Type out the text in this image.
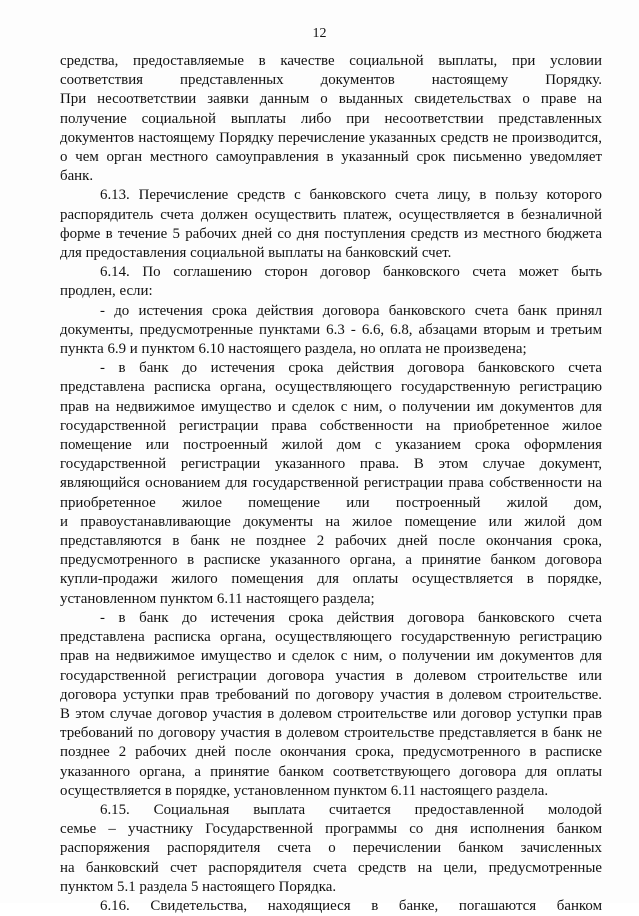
12
средства, предоставляемые в качестве социальной выплаты, при условии
соответствия представленных документов настоящему Порядку.
При несоответствии заявки данным о выданных свидетельствах о праве на
получение социальной выплаты либо при несоответствии представленных
документов настоящему Порядку перечисление указанных средств не производится,
о чем орган местного самоуправления в указанный срок письменно уведомляет
банк.
6.13. Перечисление средств с банковского счета лицу, в пользу которого
распорядитель счета должен осуществить платеж, осуществляется в безналичной
форме в течение 5 рабочих дней со дня поступления средств из местного бюджета
для предоставления социальной выплаты на банковский счет.
6.14. По соглашению сторон договор банковского счета может быть
продлен, если:
- до истечения срока действия договора банковского счета банк принял
документы, предусмотренные пунктами 6.3 - 6.6, 6.8, абзацами вторым и третьим
пункта 6.9 и пунктом 6.10 настоящего раздела, но оплата не произведена;
- в банк до истечения срока действия договора банковского счета
представлена расписка органа, осуществляющего государственную регистрацию
прав на недвижимое имущество и сделок с ним, о получении им документов для
государственной регистрации права собственности на приобретенное жилое
помещение или построенный жилой дом с указанием срока оформления
государственной регистрации указанного права. В этом случае документ,
являющийся основанием для государственной регистрации права собственности на
приобретенное жилое помещение или построенный жилой дом,
и правоустанавливающие документы на жилое помещение или жилой дом
представляются в банк не позднее 2 рабочих дней после окончания срока,
предусмотренного в расписке указанного органа, а принятие банком договора
купли-продажи жилого помещения для оплаты осуществляется в порядке,
установленном пунктом 6.11 настоящего раздела;
- в банк до истечения срока действия договора банковского счета
представлена расписка органа, осуществляющего государственную регистрацию
прав на недвижимое имущество и сделок с ним, о получении им документов для
государственной регистрации договора участия в долевом строительстве или
договора уступки прав требований по договору участия в долевом строительстве.
В этом случае договор участия в долевом строительстве или договор уступки прав
требований по договору участия в долевом строительстве представляется в банк не
позднее 2 рабочих дней после окончания срока, предусмотренного в расписке
указанного органа, а принятие банком соответствующего договора для оплаты
осуществляется в порядке, установленном пунктом 6.11 настоящего раздела.
6.15. Социальная выплата считается предоставленной молодой
семье – участнику Государственной программы со дня исполнения банком
распоряжения распорядителя счета о перечислении банком зачисленных
на банковский счет распорядителя счета средств на цели, предусмотренные
пунктом 5.1 раздела 5 настоящего Порядка.
6.16. Свидетельства, находящиеся в банке, погашаются банком
